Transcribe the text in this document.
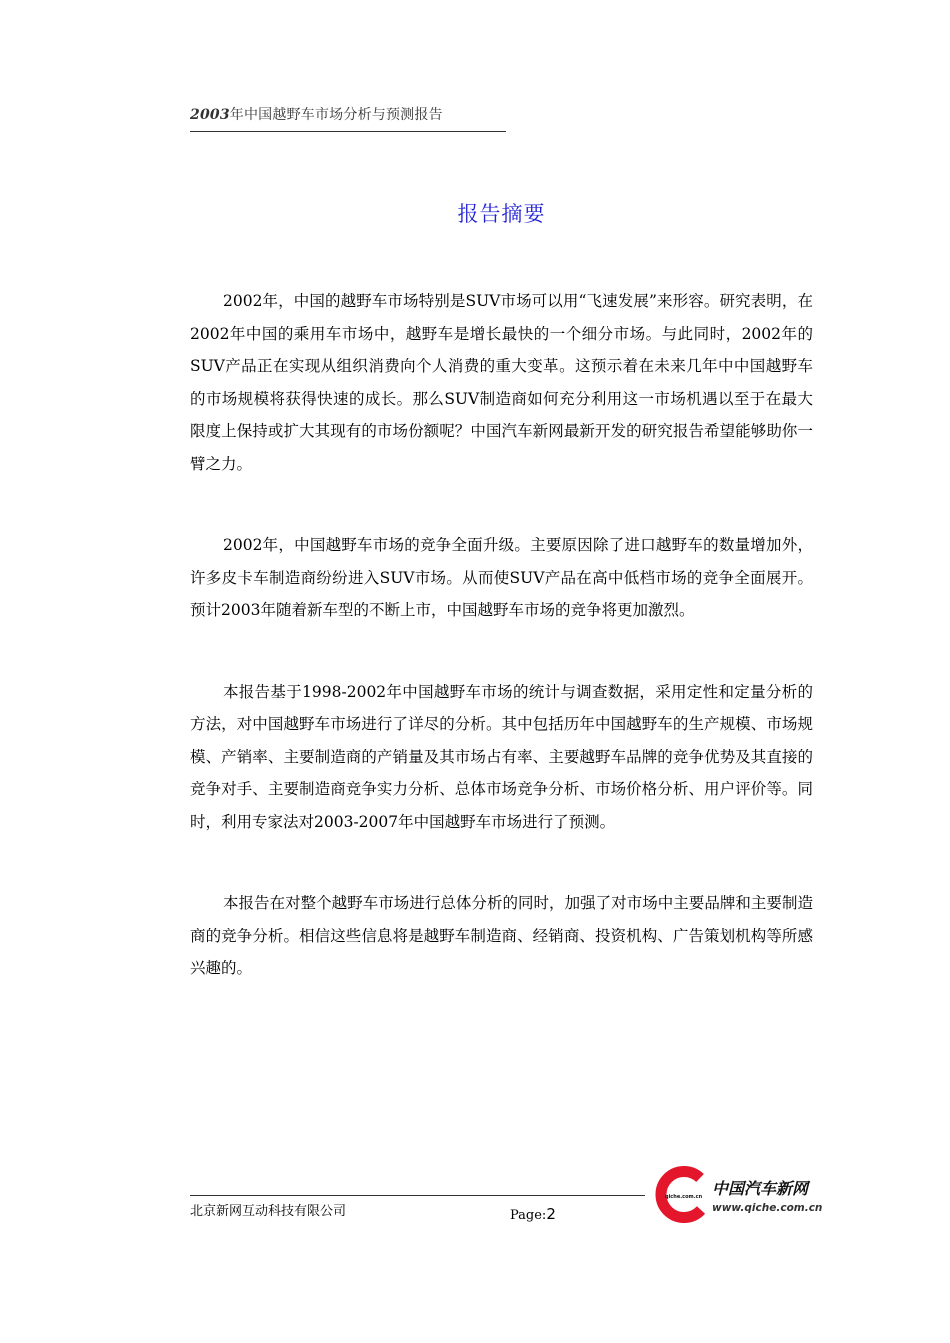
2003年中国越野车市场分析与预测报告
报告摘要

2002年，中国的越野车市场特别是SUV市场可以用“飞速发展”来形容。研究表明，在2002年中国的乘用车市场中，越野车是增长最快的一个细分市场。与此同时，2002年的SUV产品正在实现从组织消费向个人消费的重大变革。这预示着在未来几年中中国越野车的市场规模将获得快速的成长。那么SUV制造商如何充分利用这一市场机遇以至于在最大限度上保持或扩大其现有的市场份额呢？中国汽车新网最新开发的研究报告希望能够助你一臂之力。

2002年，中国越野车市场的竞争全面升级。主要原因除了进口越野车的数量增加外，许多皮卡车制造商纷纷进入SUV市场。从而使SUV产品在高中低档市场的竞争全面展开。预计2003年随着新车型的不断上市，中国越野车市场的竞争将更加激烈。

本报告基于1998-2002年中国越野车市场的统计与调查数据，采用定性和定量分析的方法，对中国越野车市场进行了详尽的分析。其中包括历年中国越野车的生产规模、市场规模、产销率、主要制造商的产销量及其市场占有率、主要越野车品牌的竞争优势及其直接的竞争对手、主要制造商竞争实力分析、总体市场竞争分析、市场价格分析、用户评价等。同时，利用专家法对2003-2007年中国越野车市场进行了预测。

本报告在对整个越野车市场进行总体分析的同时，加强了对市场中主要品牌和主要制造商的竞争分析。相信这些信息将是越野车制造商、经销商、投资机构、广告策划机构等所感兴趣的。

北京新网互动科技有限公司	Page:2
qiche.com.cn 中国汽车新网
www.qiche.com.cn
